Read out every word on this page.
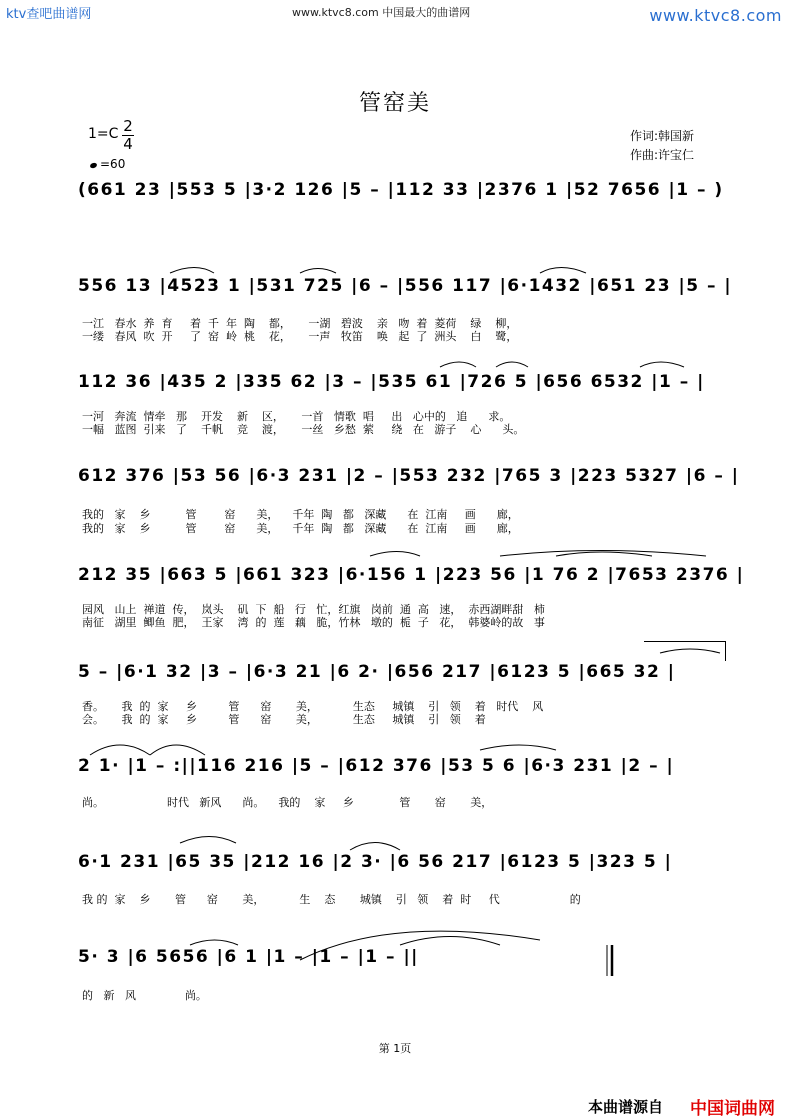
ktv查吧曲谱网	www.ktvc8.com 中国最大的曲谱网	www.ktvc8.com
管窑美
1=C 2
4
=60
作词:韩国新
作曲:许宝仁
(661 23 |553 5 |3·2 126 |5 – |112 33 |2376 1 |52 7656 |1 – )
556 13 |4523 1 |531 725 |6 – |556 117 |6·1432 |651 23 |5 – |
一江   春水  养  育     着  千  年  陶    都，     一湖   碧波    亲   吻  着  菱荷    绿    柳，
一缕   春风  吹  开     了  窑  岭  桃    花，     一声   牧笛    唤   起  了  洲头    白    鹭，
112 36 |435 2 |335 62 |3 – |535 61 |726 5 |656 6532 |1 – |
一河   奔流  情牵   那    开发    新    区，     一首   情歌  唱     出   心中的   追      求。
一幅   蓝图  引来   了    千帆    竞    渡，     一丝   乡愁  萦     绕   在   游子    心      头。
612 376 |53 56 |6·3 231 |2 – |553 232 |765 3 |223 5327 |6 – |
我的   家    乡          管        窑      美，    千年  陶   都   深藏      在  江南     画      廊，
我的   家    乡          管        窑      美，    千年  陶   都   深藏      在  江南     画      廊，
212 35 |663 5 |661 323 |6·156 1 |223 56 |1 76 2 |7653 2376 |
园风   山上  禅道  传，  岚头    矶  下  船   行   忙，红旗   岗前  通  高   速，  赤西湖畔甜   柿
南征   湖里  鲫鱼  肥，  王家    湾  的  莲   藕   脆，竹林   墩的  栀  子   花，  韩婆岭的故   事
5 – |6·1 32 |3 – |6·3 21 |6 2· |656 217 |6123 5 |665 32 |
香。     我  的  家     乡         管      窑       美，          生态     城镇    引   领    着   时代    风
会。     我  的  家     乡         管      窑       美，          生态     城镇    引   领    着
2 1· |1 – :||116 216 |5 – |612 376 |53 5 6 |6·3 231 |2 – |
尚。                  时代   新风      尚。    我的    家     乡             管       窑       美，
6·1 231 |65 35 |212 16 |2 3· |6 56 217 |6123 5 |323 5 |
我 的  家    乡       管      窑       美，          生    态       城镇    引   领    着  时     代                    的
5· 3 |6 5656 |6 1 |1 – |1 – |1 – ||
的   新   风              尚。
第 1页
本曲谱源自 中国词曲网
